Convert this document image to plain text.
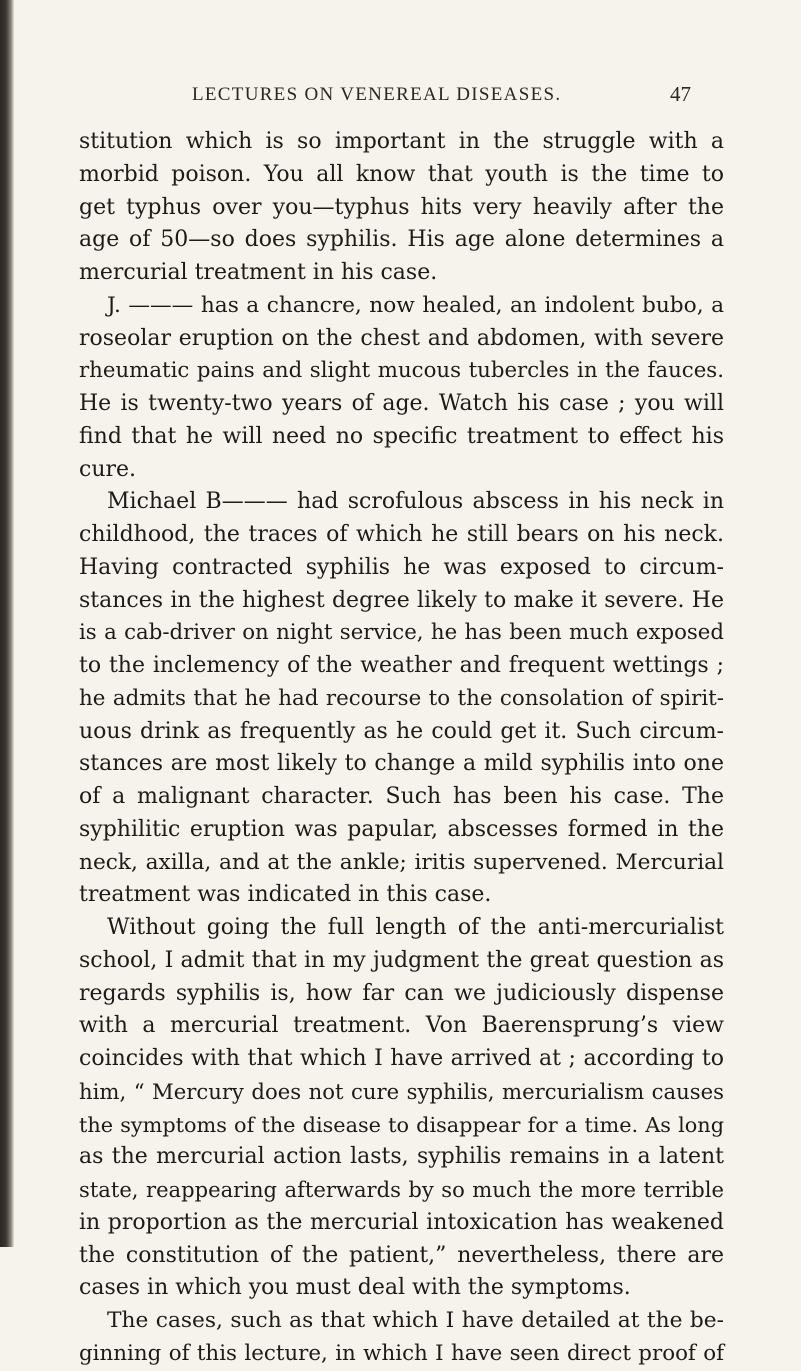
LECTURES ON VENEREAL DISEASES.	47
stitution which is so important in the struggle with a
morbid poison. You all know that youth is the time to
get typhus over you—typhus hits very heavily after the
age of 50—so does syphilis. His age alone determines a
mercurial treatment in his case.
J. ——— has a chancre, now healed, an indolent bubo, a
roseolar eruption on the chest and abdomen, with severe
rheumatic pains and slight mucous tubercles in the fauces.
He is twenty-two years of age. Watch his case ; you will
find that he will need no specific treatment to effect his
cure.
Michael B——— had scrofulous abscess in his neck in
childhood, the traces of which he still bears on his neck.
Having contracted syphilis he was exposed to circum-
stances in the highest degree likely to make it severe. He
is a cab-driver on night service, he has been much exposed
to the inclemency of the weather and frequent wettings ;
he admits that he had recourse to the consolation of spirit-
uous drink as frequently as he could get it. Such circum-
stances are most likely to change a mild syphilis into one
of a malignant character. Such has been his case. The
syphilitic eruption was papular, abscesses formed in the
neck, axilla, and at the ankle; iritis supervened. Mercurial
treatment was indicated in this case.
Without going the full length of the anti-mercurialist
school, I admit that in my judgment the great question as
regards syphilis is, how far can we judiciously dispense
with a mercurial treatment. Von Baerensprung’s view
coincides with that which I have arrived at ; according to
him, “ Mercury does not cure syphilis, mercurialism causes
the symptoms of the disease to disappear for a time. As long
as the mercurial action lasts, syphilis remains in a latent
state, reappearing afterwards by so much the more terrible
in proportion as the mercurial intoxication has weakened
the constitution of the patient,” nevertheless, there are
cases in which you must deal with the symptoms.
The cases, such as that which I have detailed at the be-
ginning of this lecture, in which I have seen direct proof of
